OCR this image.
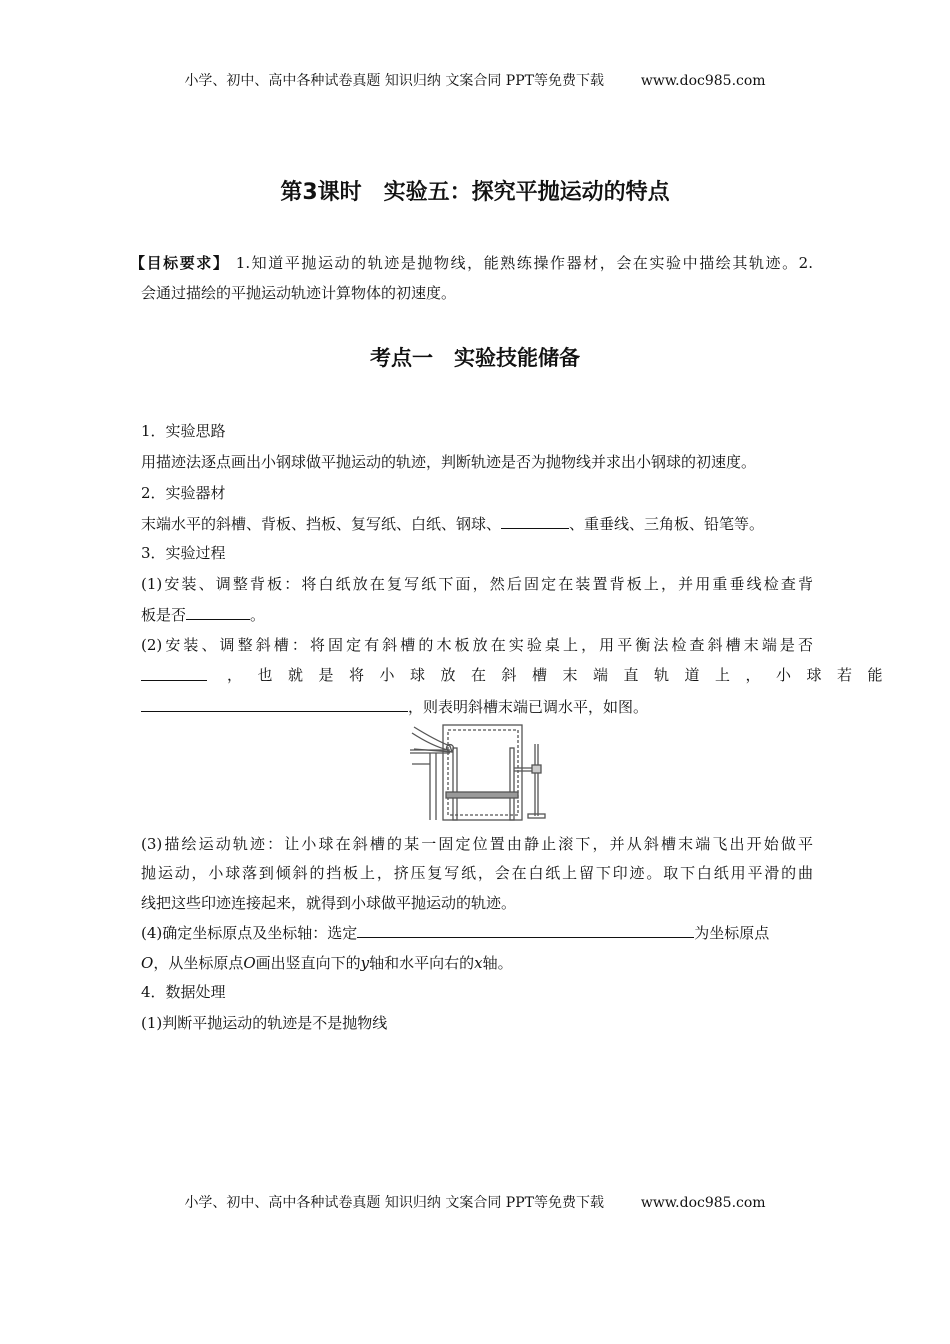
小学、初中、高中各种试卷真题 知识归纳 文案合同 PPT等免费下载	www.doc985.com
第3课时　实验五：探究平抛运动的特点
【目标要求】 1.知道平抛运动的轨迹是抛物线，能熟练操作器材，会在实验中描绘其轨迹。2.
会通过描绘的平抛运动轨迹计算物体的初速度。
考点一　实验技能储备
1．实验思路
用描迹法逐点画出小钢球做平抛运动的轨迹，判断轨迹是否为抛物线并求出小钢球的初速度。
2．实验器材
末端水平的斜槽、背板、挡板、复写纸、白纸、钢球、	、重垂线、三角板、铅笔等。
3．实验过程
(1)安装、调整背板：将白纸放在复写纸下面，然后固定在装置背板上，并用重垂线检查背
板是否	。
(2)安装、调整斜槽：将固定有斜槽的木板放在实验桌上，用平衡法检查斜槽末端是否
，也就是将小球放在斜槽末端直轨道上，小球若能
，则表明斜槽末端已调水平，如图。
(3)描绘运动轨迹：让小球在斜槽的某一固定位置由静止滚下，并从斜槽末端飞出开始做平
抛运动，小球落到倾斜的挡板上，挤压复写纸，会在白纸上留下印迹。取下白纸用平滑的曲
线把这些印迹连接起来，就得到小球做平抛运动的轨迹。
(4)确定坐标原点及坐标轴：选定	为坐标原点
O，从坐标原点O画出竖直向下的y轴和水平向右的x轴。
4．数据处理
(1)判断平抛运动的轨迹是不是抛物线
小学、初中、高中各种试卷真题 知识归纳 文案合同 PPT等免费下载	www.doc985.com
